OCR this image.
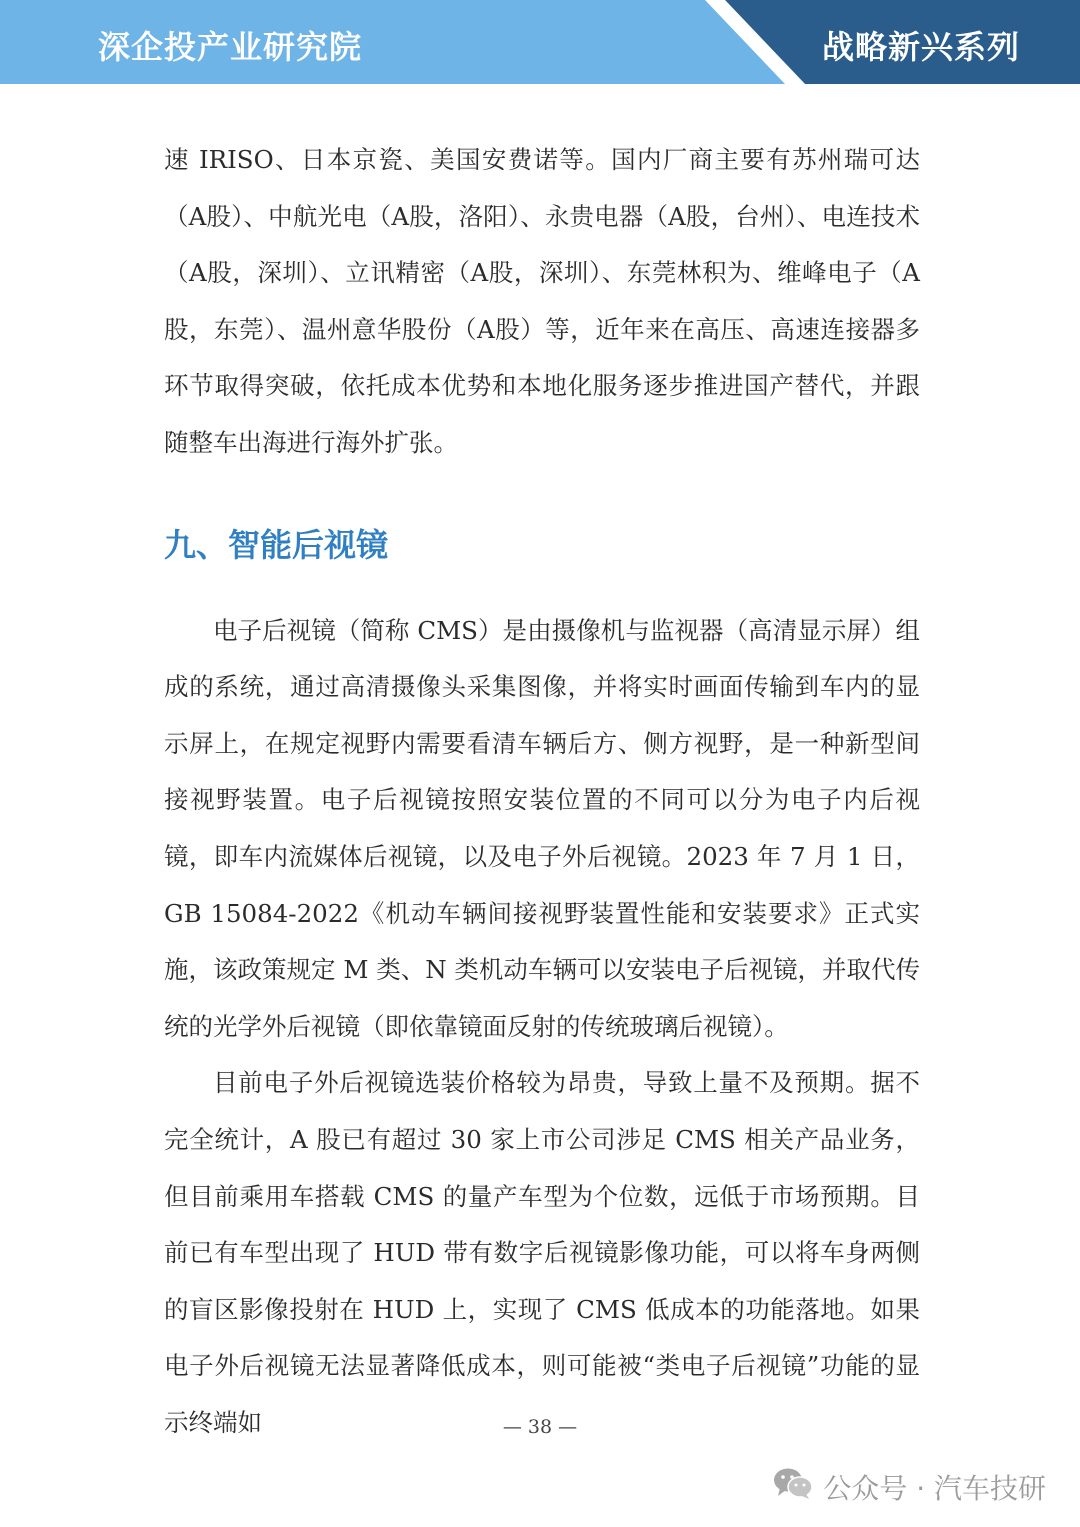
深企投产业研究院	战略新兴系列

速 IRISO、日本京瓷、美国安费诺等。国内厂商主要有苏州瑞可达（A股）、中航光电（A股，洛阳）、永贵电器（A股，台州）、电连技术（A股，深圳）、立讯精密（A股，深圳）、东莞林积为、维峰电子（A股，东莞）、温州意华股份（A股）等，近年来在高压、高速连接器多环节取得突破，依托成本优势和本地化服务逐步推进国产替代，并跟随整车出海进行海外扩张。

九、智能后视镜

电子后视镜（简称 CMS）是由摄像机与监视器（高清显示屏）组成的系统，通过高清摄像头采集图像，并将实时画面传输到车内的显示屏上，在规定视野内需要看清车辆后方、侧方视野，是一种新型间接视野装置。电子后视镜按照安装位置的不同可以分为电子内后视镜，即车内流媒体后视镜，以及电子外后视镜。2023 年 7 月 1 日，GB 15084-2022《机动车辆间接视野装置性能和安装要求》正式实施，该政策规定 M 类、N 类机动车辆可以安装电子后视镜，并取代传统的光学外后视镜（即依靠镜面反射的传统玻璃后视镜）。

目前电子外后视镜选装价格较为昂贵，导致上量不及预期。据不完全统计，A 股已有超过 30 家上市公司涉足 CMS 相关产品业务，但目前乘用车搭载 CMS 的量产车型为个位数，远低于市场预期。目前已有车型出现了 HUD 带有数字后视镜影像功能，可以将车身两侧的盲区影像投射在 HUD 上，实现了 CMS 低成本的功能落地。如果电子外后视镜无法显著降低成本，则可能被“类电子后视镜”功能的显示终端如	— 38 —
公众号 · 汽车技研
